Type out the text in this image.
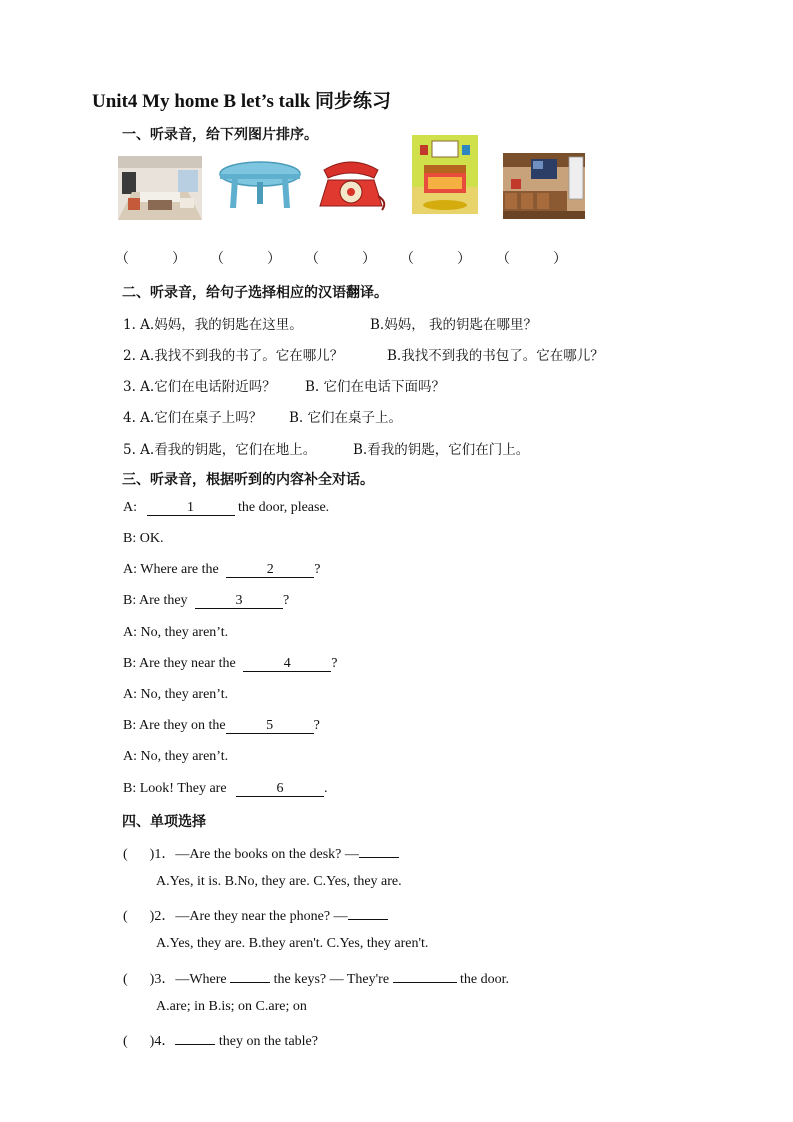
Unit4 My home B let’s talk 同步练习
一、听录音，给下列图片排序。
（	） （	） （	） （	） （	）
二、听录音，给句子选择相应的汉语翻译。
1. A.妈妈，我的钥匙在这里。	B.妈妈， 我的钥匙在哪里？
2. A.我找不到我的书了。它在哪儿？	B.我找不到我的书包了。它在哪儿？
3. A.它们在电话附近吗？ B. 它们在电话下面吗？
4. A.它们在桌子上吗？ B. 它们在桌子上。
5. A.看我的钥匙，它们在地上。	B.看我的钥匙，它们在门上。
三、听录音，根据听到的内容补全对话。
A:	1	the door, please.
B: OK.
A: Where are the	2	?
B: Are they	3	?
A: No, they aren’t.
B: Are they near the	4	?
A: No, they aren’t.
B: Are they on the	5	?
A: No, they aren’t.
B: Look! They are	6	.
四、单项选择
( )1．—Are the books on the desk? —
A.Yes, it is. B.No, they are. C.Yes, they are.
( )2．—Are they near the phone? —
A.Yes, they are. B.they aren't. C.Yes, they aren't.
( )3．—Where	the keys? — They're	the door.
A.are; in B.is; on C.are; on
( )4．	they on the table?
